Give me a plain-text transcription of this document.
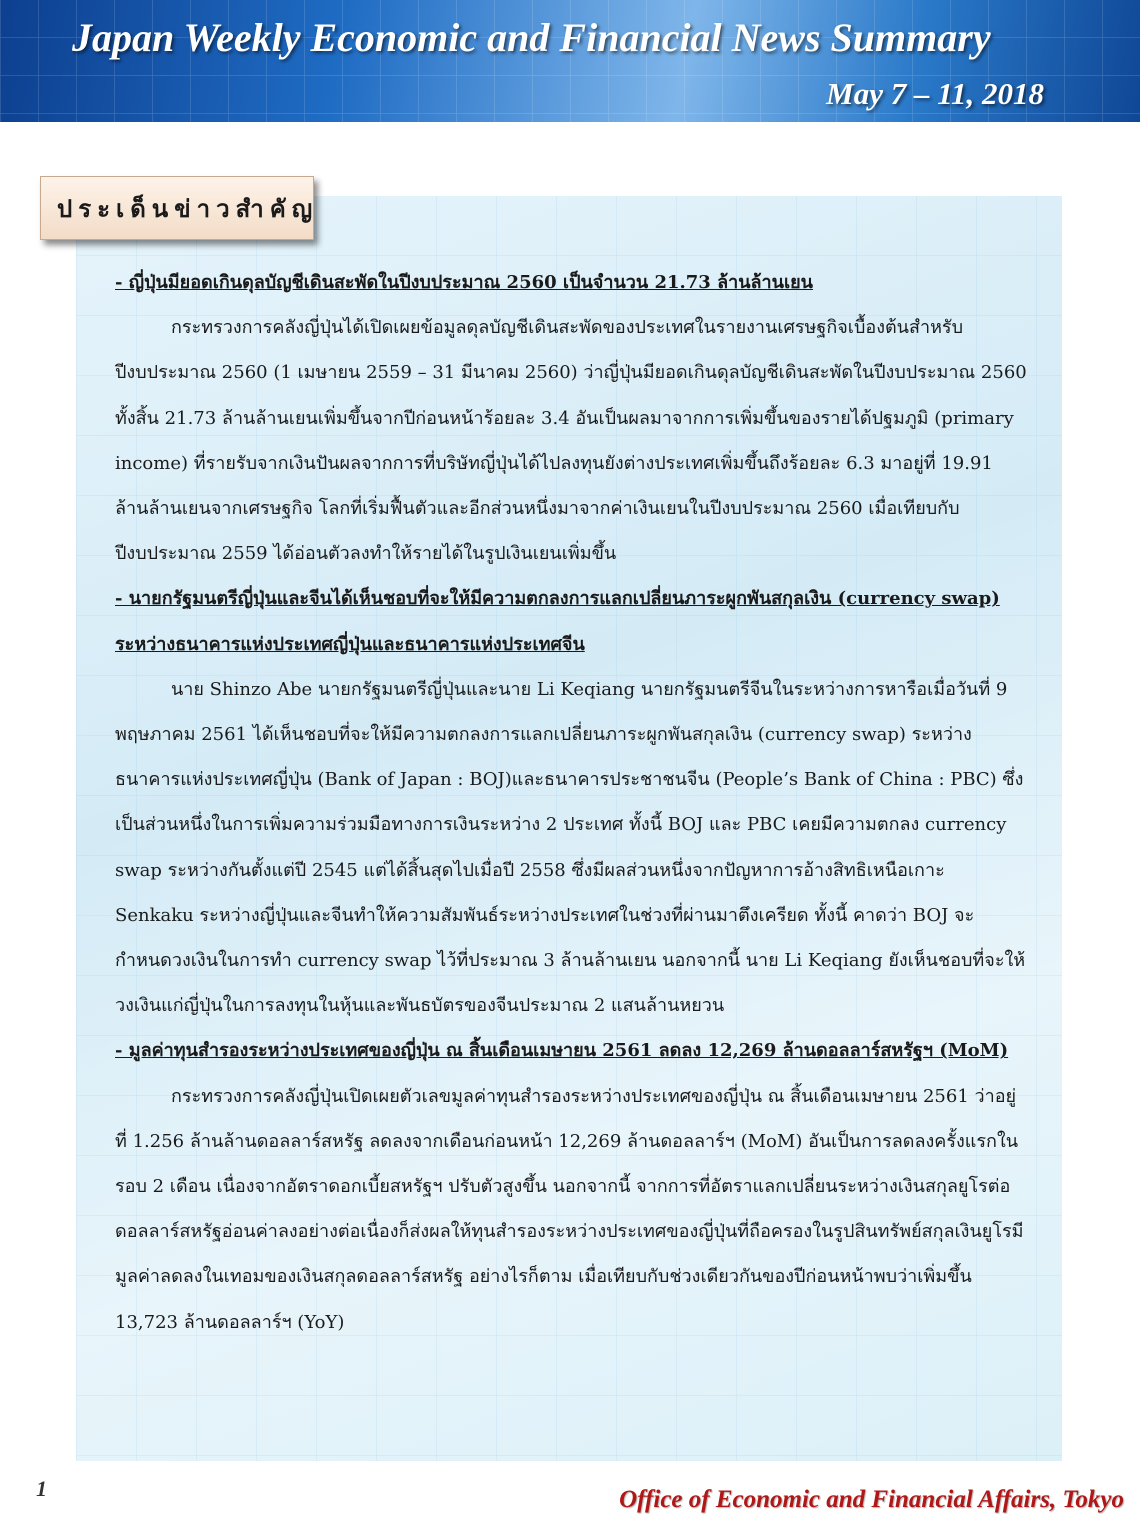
Japan Weekly Economic and Financial News Summary
May 7 – 11, 2018
ประเด็นข่าวสำคัญ
- ญี่ปุ่นมียอดเกินดุลบัญชีเดินสะพัดในปีงบประมาณ 2560 เป็นจำนวน 21.73 ล้านล้านเยน
กระทรวงการคลังญี่ปุ่นได้เปิดเผยข้อมูลดุลบัญชีเดินสะพัดของประเทศในรายงานเศรษฐกิจเบื้องต้นสำหรับปีงบประมาณ 2560 (1 เมษายน 2559 – 31 มีนาคม 2560) ว่าญี่ปุ่นมียอดเกินดุลบัญชีเดินสะพัดในปีงบประมาณ 2560 ทั้งสิ้น 21.73 ล้านล้านเยนเพิ่มขึ้นจากปีก่อนหน้าร้อยละ 3.4 อันเป็นผลมาจากการเพิ่มขึ้นของรายได้ปฐมภูมิ (primary income) ที่รายรับจากเงินปันผลจากการที่บริษัทญี่ปุ่นได้ไปลงทุนยังต่างประเทศเพิ่มขึ้นถึงร้อยละ 6.3 มาอยู่ที่ 19.91 ล้านล้านเยนจากเศรษฐกิจ โลกที่เริ่มฟื้นตัวและอีกส่วนหนึ่งมาจากค่าเงินเยนในปีงบประมาณ 2560 เมื่อเทียบกับปีงบประมาณ 2559 ได้อ่อนตัวลงทำให้รายได้ในรูปเงินเยนเพิ่มขึ้น
- นายกรัฐมนตรีญี่ปุ่นและจีนได้เห็นชอบที่จะให้มีความตกลงการแลกเปลี่ยนภาระผูกพันสกุลเงิน (currency swap) ระหว่างธนาคารแห่งประเทศญี่ปุ่นและธนาคารแห่งประเทศจีน
นาย Shinzo Abe นายกรัฐมนตรีญี่ปุ่นและนาย Li Keqiang นายกรัฐมนตรีจีนในระหว่างการหารือเมื่อวันที่ 9 พฤษภาคม 2561 ได้เห็นชอบที่จะให้มีความตกลงการแลกเปลี่ยนภาระผูกพันสกุลเงิน (currency swap) ระหว่างธนาคารแห่งประเทศญี่ปุ่น (Bank of Japan : BOJ)และธนาคารประชาชนจีน (People’s Bank of China : PBC) ซึ่งเป็นส่วนหนึ่งในการเพิ่มความร่วมมือทางการเงินระหว่าง 2 ประเทศ ทั้งนี้ BOJ และ PBC เคยมีความตกลง currency swap ระหว่างกันตั้งแต่ปี 2545 แต่ได้สิ้นสุดไปเมื่อปี 2558 ซึ่งมีผลส่วนหนึ่งจากปัญหาการอ้างสิทธิเหนือเกาะ Senkaku ระหว่างญี่ปุ่นและจีนทำให้ความสัมพันธ์ระหว่างประเทศในช่วงที่ผ่านมาตึงเครียด ทั้งนี้ คาดว่า BOJ จะกำหนดวงเงินในการทำ currency swap ไว้ที่ประมาณ 3 ล้านล้านเยน นอกจากนี้ นาย Li Keqiang ยังเห็นชอบที่จะให้วงเงินแก่ญี่ปุ่นในการลงทุนในหุ้นและพันธบัตรของจีนประมาณ 2 แสนล้านหยวน
- มูลค่าทุนสำรองระหว่างประเทศของญี่ปุ่น ณ สิ้นเดือนเมษายน 2561 ลดลง 12,269 ล้านดอลลาร์สหรัฐฯ (MoM)
กระทรวงการคลังญี่ปุ่นเปิดเผยตัวเลขมูลค่าทุนสำรองระหว่างประเทศของญี่ปุ่น ณ สิ้นเดือนเมษายน 2561 ว่าอยู่ที่ 1.256 ล้านล้านดอลลาร์สหรัฐ ลดลงจากเดือนก่อนหน้า 12,269 ล้านดอลลาร์ฯ (MoM) อันเป็นการลดลงครั้งแรกในรอบ 2 เดือน เนื่องจากอัตราดอกเบี้ยสหรัฐฯ ปรับตัวสูงขึ้น นอกจากนี้ จากการที่อัตราแลกเปลี่ยนระหว่างเงินสกุลยูโรต่อดอลลาร์สหรัฐอ่อนค่าลงอย่างต่อเนื่องก็ส่งผลให้ทุนสำรองระหว่างประเทศของญี่ปุ่นที่ถือครองในรูปสินทรัพย์สกุลเงินยูโรมีมูลค่าลดลงในเทอมของเงินสกุลดอลลาร์สหรัฐ อย่างไรก็ตาม เมื่อเทียบกับช่วงเดียวกันของปีก่อนหน้าพบว่าเพิ่มขึ้น 13,723 ล้านดอลลาร์ฯ (YoY)
1	Office of Economic and Financial Affairs, Tokyo
